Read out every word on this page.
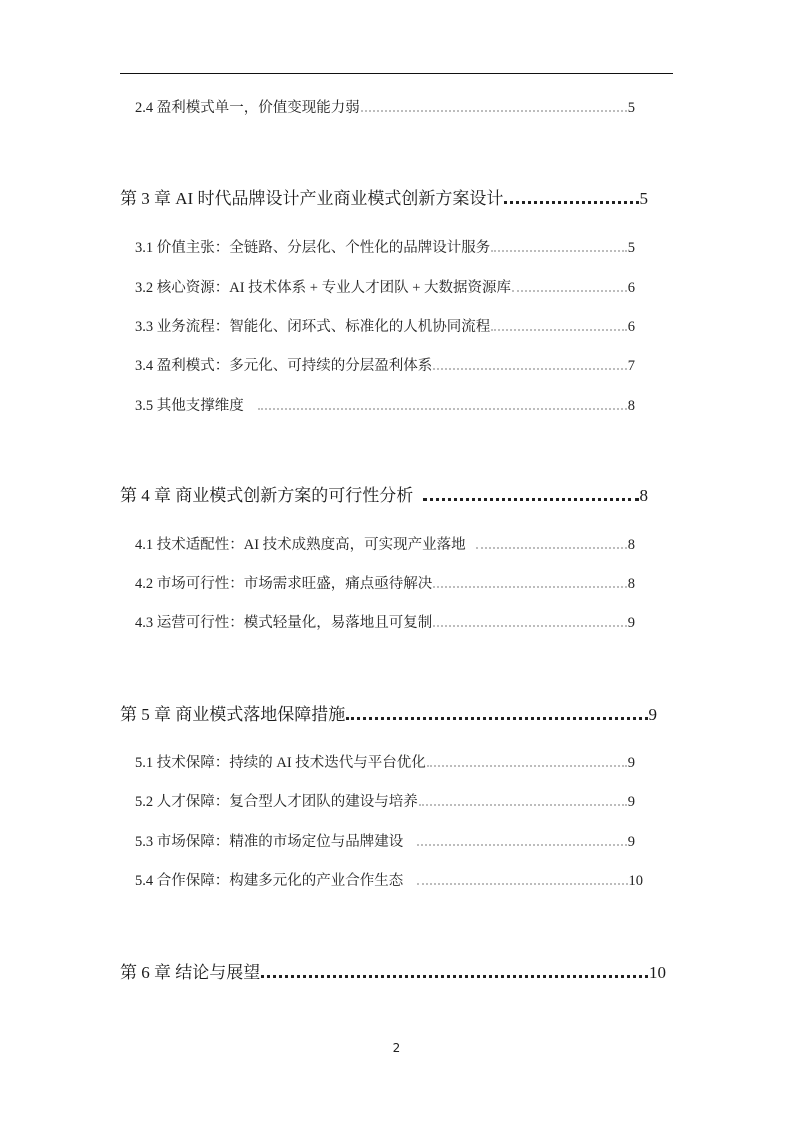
2.4 盈利模式单一，价值变现能力弱	5
第 3 章 AI 时代品牌设计产业商业模式创新方案设计	5
3.1 价值主张：全链路、分层化、个性化的品牌设计服务	5
3.2 核心资源：AI 技术体系 + 专业人才团队 + 大数据资源库	6
3.3 业务流程：智能化、闭环式、标准化的人机协同流程	6
3.4 盈利模式：多元化、可持续的分层盈利体系	7
3.5 其他支撑维度	8
第 4 章 商业模式创新方案的可行性分析	8
4.1 技术适配性：AI 技术成熟度高，可实现产业落地	8
4.2 市场可行性：市场需求旺盛，痛点亟待解决	8
4.3 运营可行性：模式轻量化，易落地且可复制	9
第 5 章 商业模式落地保障措施	9
5.1 技术保障：持续的 AI 技术迭代与平台优化	9
5.2 人才保障：复合型人才团队的建设与培养	9
5.3 市场保障：精准的市场定位与品牌建设	9
5.4 合作保障：构建多元化的产业合作生态	10
第 6 章 结论与展望	10
2
